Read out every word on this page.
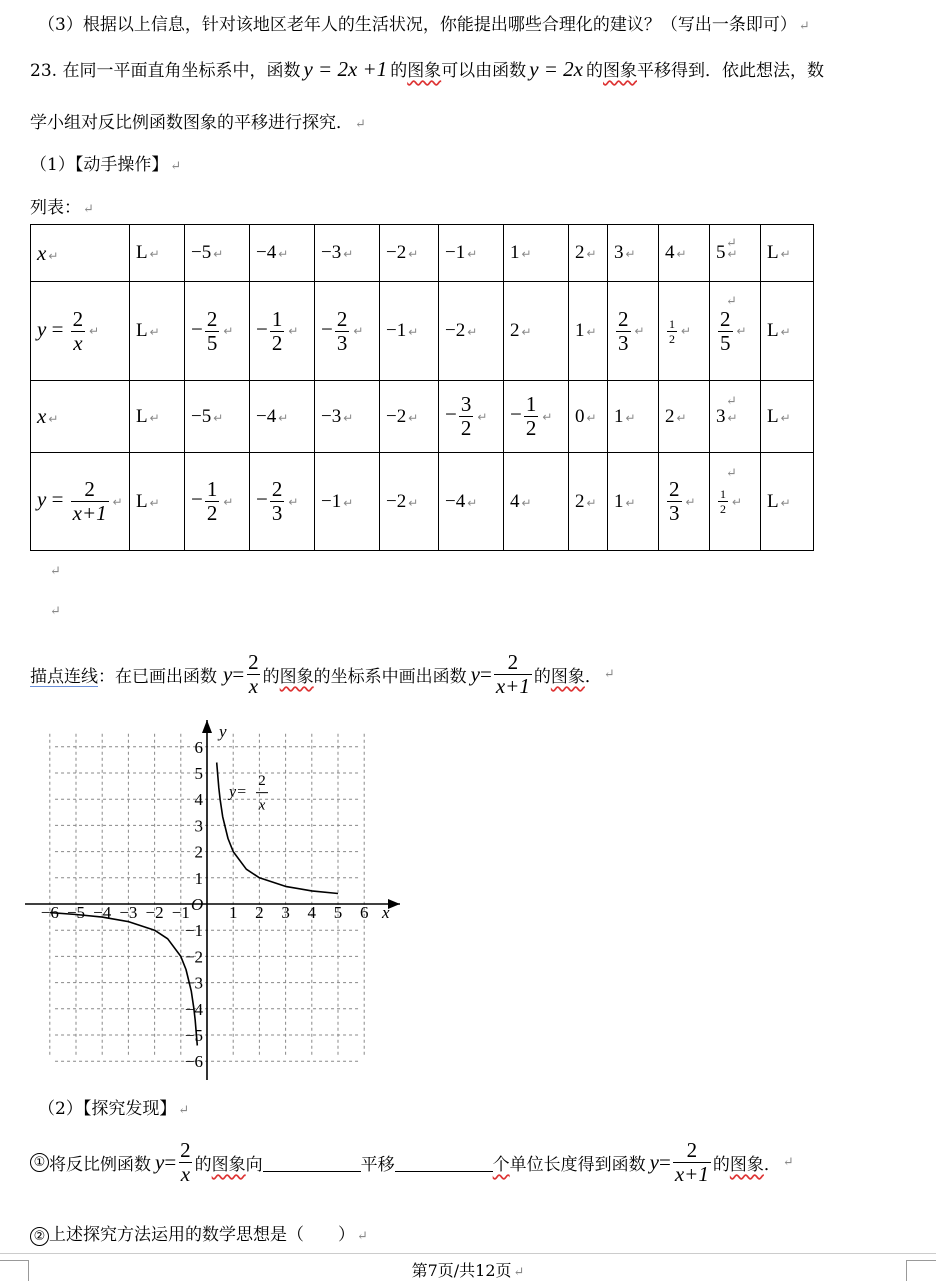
（3）根据以上信息，针对该地区老年人的生活状况，你能提出哪些合理化的建议？（写出一条即可） ↵
23. 在同一平面直角坐标系中，函数 y = 2x +1 的图象可以由函数 y = 2x 的图象平移得到．依此想法，数
学小组对反比例函数图象的平移进行探究． ↵
（1）【动手操作】 ↵
列表： ↵
x ↵	L ↵	−5 ↵	−4 ↵	−3 ↵	−2 ↵	−1 ↵	1 ↵	2 ↵	3 ↵	4 ↵	5 ↵	L ↵
$y = \frac{2}{x}$ ↵	L ↵	− $\frac{2}{5}$ ↵	− $\frac{1}{2}$ ↵	− $\frac{2}{3}$ ↵	−1 ↵	−2 ↵	2 ↵	1 ↵	$\frac{2}{3}$ ↵	$\frac{1}{2}$ ↵	$\frac{2}{5}$ ↵	L ↵
x ↵	L ↵	−5 ↵	−4 ↵	−3 ↵	−2 ↵	− $\frac{3}{2}$ ↵	− $\frac{1}{2}$ ↵	0 ↵	1 ↵	2 ↵	3 ↵	L ↵
$y = \frac{2}{x+1}$ ↵	L ↵	− $\frac{1}{2}$ ↵	− $\frac{2}{3}$ ↵	−1 ↵	−2 ↵	−4 ↵	4 ↵	2 ↵	1 ↵	$\frac{2}{3}$ ↵	$\frac{1}{2}$ ↵	L ↵
↵
↵
↵
↵
↵
↵
描点连线 ：在已画出函数 $y = \frac{2}{x}$ 的 图象 的坐标系中画出函数 $y = \frac{2}{x+1}$ 的 图象 ． ↵
x
y
O
−6 −5 −4 −3 −2 −1 1 2 3 4 5 6
6
5
4
3
2
1
−1
−2
−3
−4
−5
−6
y=
2
x
（2）【探究发现】 ↵
① 将反比例函数 $y = \frac{2}{x}$ 的 图象 向	平移	个 单位长度得到函数 $y = \frac{2}{x+1}$ 的 图象 ． ↵
② 上述探究方法运用的数学思想是（　　） ↵
第7页/共12页 ↵
